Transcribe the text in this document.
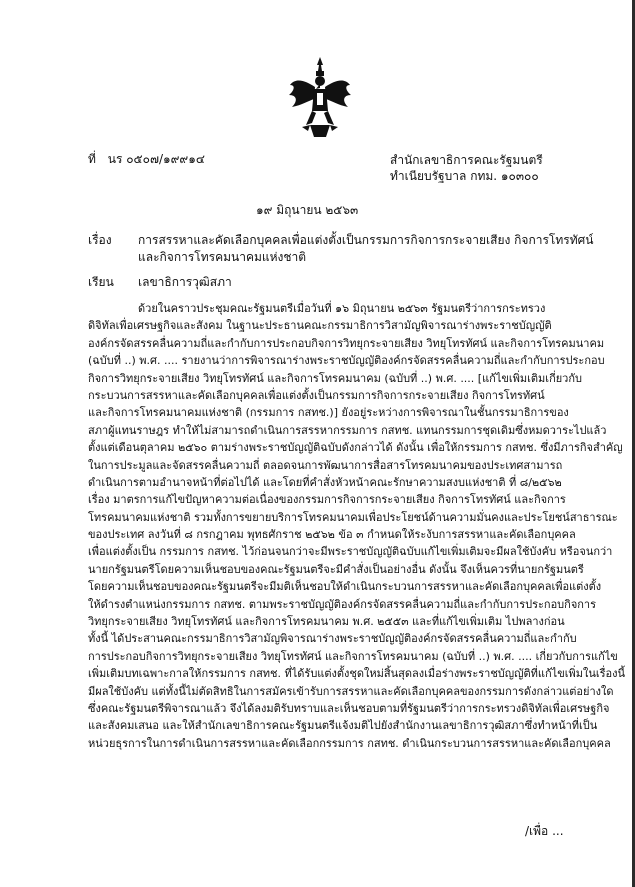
ที่ นร ๐๕๐๗/๑๙๙๑๔	สำนักเลขาธิการคณะรัฐมนตรี
ทำเนียบรัฐบาล กทม. ๑๐๓๐๐
๑๙ มิถุนายน ๒๕๖๓
เรื่อง การสรรหาและคัดเลือกบุคคลเพื่อแต่งตั้งเป็นกรรมการกิจการกระจายเสียง กิจการโทรทัศน์
และกิจการโทรคมนาคมแห่งชาติ
เรียน เลขาธิการวุฒิสภา
ด้วยในคราวประชุมคณะรัฐมนตรีเมื่อวันที่ ๑๖ มิถุนายน ๒๕๖๓ รัฐมนตรีว่าการกระทรวง
ดิจิทัลเพื่อเศรษฐกิจและสังคม ในฐานะประธานคณะกรรมาธิการวิสามัญพิจารณาร่างพระราชบัญญัติ
องค์กรจัดสรรคลื่นความถี่และกำกับการประกอบกิจการวิทยุกระจายเสียง วิทยุโทรทัศน์ และกิจการโทรคมนาคม
(ฉบับที่ ..) พ.ศ. .... รายงานว่าการพิจารณาร่างพระราชบัญญัติองค์กรจัดสรรคลื่นความถี่และกำกับการประกอบ
กิจการวิทยุกระจายเสียง วิทยุโทรทัศน์ และกิจการโทรคมนาคม (ฉบับที่ ..) พ.ศ. .... [แก้ไขเพิ่มเติมเกี่ยวกับ
กระบวนการสรรหาและคัดเลือกบุคคลเพื่อแต่งตั้งเป็นกรรมการกิจการกระจายเสียง กิจการโทรทัศน์
และกิจการโทรคมนาคมแห่งชาติ (กรรมการ กสทช.)] ยังอยู่ระหว่างการพิจารณาในชั้นกรรมาธิการของ
สภาผู้แทนราษฎร ทำให้ไม่สามารถดำเนินการสรรหากรรมการ กสทช. แทนกรรมการชุดเดิมซึ่งหมดวาระไปแล้ว
ตั้งแต่เดือนตุลาคม ๒๕๖๐ ตามร่างพระราชบัญญัติฉบับดังกล่าวได้ ดังนั้น เพื่อให้กรรมการ กสทช. ซึ่งมีภารกิจสำคัญ
ในการประมูลและจัดสรรคลื่นความถี่ ตลอดจนการพัฒนาการสื่อสารโทรคมนาคมของประเทศสามารถ
ดำเนินการตามอำนาจหน้าที่ต่อไปได้ และโดยที่คำสั่งหัวหน้าคณะรักษาความสงบแห่งชาติ ที่ ๘/๒๕๖๒
เรื่อง มาตรการแก้ไขปัญหาความต่อเนื่องของกรรมการกิจการกระจายเสียง กิจการโทรทัศน์ และกิจการ
โทรคมนาคมแห่งชาติ รวมทั้งการขยายบริการโทรคมนาคมเพื่อประโยชน์ด้านความมั่นคงและประโยชน์สาธารณะ
ของประเทศ ลงวันที่ ๘ กรกฎาคม พุทธศักราช ๒๕๖๒ ข้อ ๓ กำหนดให้ระงับการสรรหาและคัดเลือกบุคคล
เพื่อแต่งตั้งเป็น กรรมการ กสทช. ไว้ก่อนจนกว่าจะมีพระราชบัญญัติฉบับแก้ไขเพิ่มเติมจะมีผลใช้บังคับ หรือจนกว่า
นายกรัฐมนตรีโดยความเห็นชอบของคณะรัฐมนตรีจะมีคำสั่งเป็นอย่างอื่น ดังนั้น จึงเห็นควรที่นายกรัฐมนตรี
โดยความเห็นชอบของคณะรัฐมนตรีจะมีมติเห็นชอบให้ดำเนินกระบวนการสรรหาและคัดเลือกบุคคลเพื่อแต่งตั้ง
ให้ดำรงตำแหน่งกรรมการ กสทช. ตามพระราชบัญญัติองค์กรจัดสรรคลื่นความถี่และกำกับการประกอบกิจการ
วิทยุกระจายเสียง วิทยุโทรทัศน์ และกิจการโทรคมนาคม พ.ศ. ๒๕๕๓ และที่แก้ไขเพิ่มเติม ไปพลางก่อน
ทั้งนี้ ได้ประสานคณะกรรมาธิการวิสามัญพิจารณาร่างพระราชบัญญัติองค์กรจัดสรรคลื่นความถี่และกำกับ
การประกอบกิจการวิทยุกระจายเสียง วิทยุโทรทัศน์ และกิจการโทรคมนาคม (ฉบับที่ ..) พ.ศ. .... เกี่ยวกับการแก้ไข
เพิ่มเติมบทเฉพาะกาลให้กรรมการ กสทช. ที่ได้รับแต่งตั้งชุดใหม่สิ้นสุดลงเมื่อร่างพระราชบัญญัติที่แก้ไขเพิ่มในเรื่องนี้
มีผลใช้บังคับ แต่ทั้งนี้ไม่ตัดสิทธิในการสมัครเข้ารับการสรรหาและคัดเลือกบุคคลของกรรมการดังกล่าวแต่อย่างใด
ซึ่งคณะรัฐมนตรีพิจารณาแล้ว จึงได้ลงมติรับทราบและเห็นชอบตามที่รัฐมนตรีว่าการกระทรวงดิจิทัลเพื่อเศรษฐกิจ
และสังคมเสนอ และให้สำนักเลขาธิการคณะรัฐมนตรีแจ้งมติไปยังสำนักงานเลขาธิการวุฒิสภาซึ่งทำหน้าที่เป็น
หน่วยธุรการในการดำเนินการสรรหาและคัดเลือกกรรมการ กสทช. ดำเนินกระบวนการสรรหาและคัดเลือกบุคคล
/เพื่อ ...
